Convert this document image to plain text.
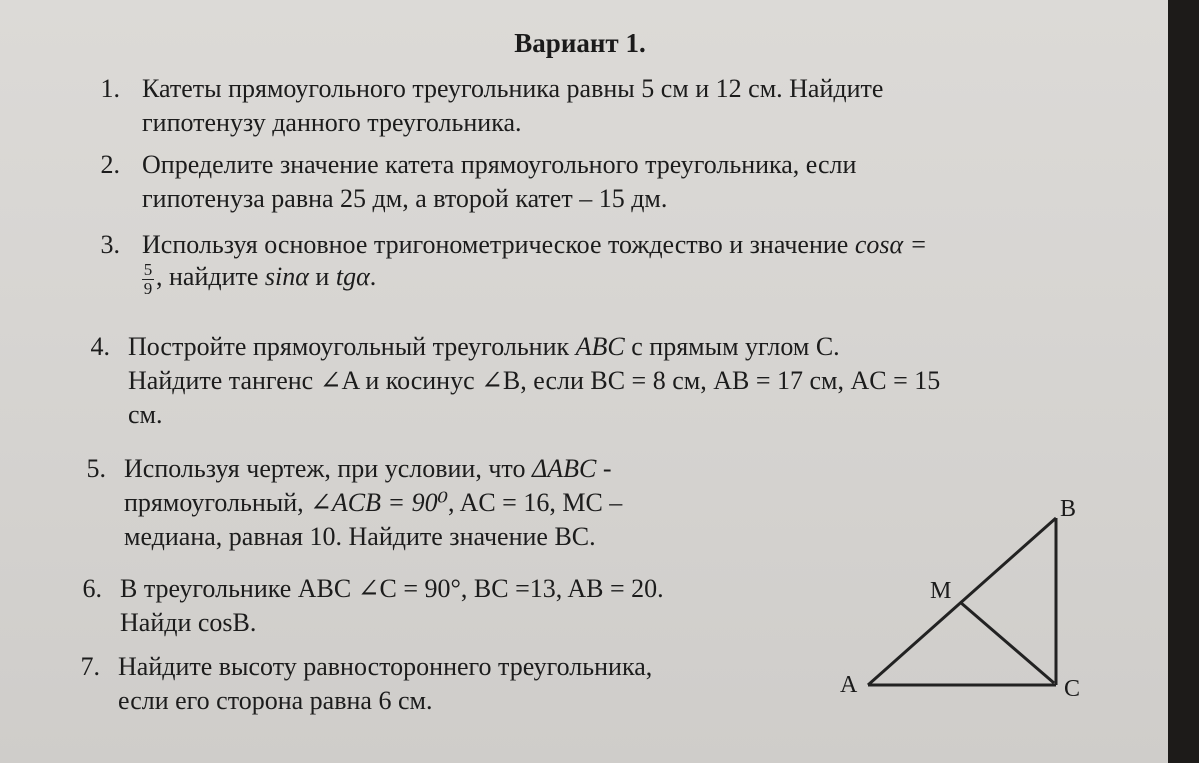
Вариант 1.
1. Катеты прямоугольного треугольника равны 5 см и 12 см. Найдите
гипотенузу данного треугольника.
2. Определите значение катета прямоугольного треугольника, если
гипотенуза равна 25 дм, а второй катет – 15 дм.
3. Используя основное тригонометрическое тождество и значение cosα =
$\frac{5}{9}$ , найдите sinα и tgα.
4. Постройте прямоугольный треугольник ABC с прямым углом С.
Найдите тангенс ∠A и косинус ∠B, если BC = 8 см, AB = 17 см, AC = 15
см.
5. Используя чертеж, при условии, что ΔABC -
прямоугольный, ∠ACB = 90⁰, AC = 16, MC –
медиана, равная 10. Найдите значение BC.
6. В треугольнике ABC ∠C = 90°, BC =13, AB = 20.
Найди cosB.
7. Найдите высоту равностороннего треугольника,
если его сторона равна 6 см.
B
M
A	C
